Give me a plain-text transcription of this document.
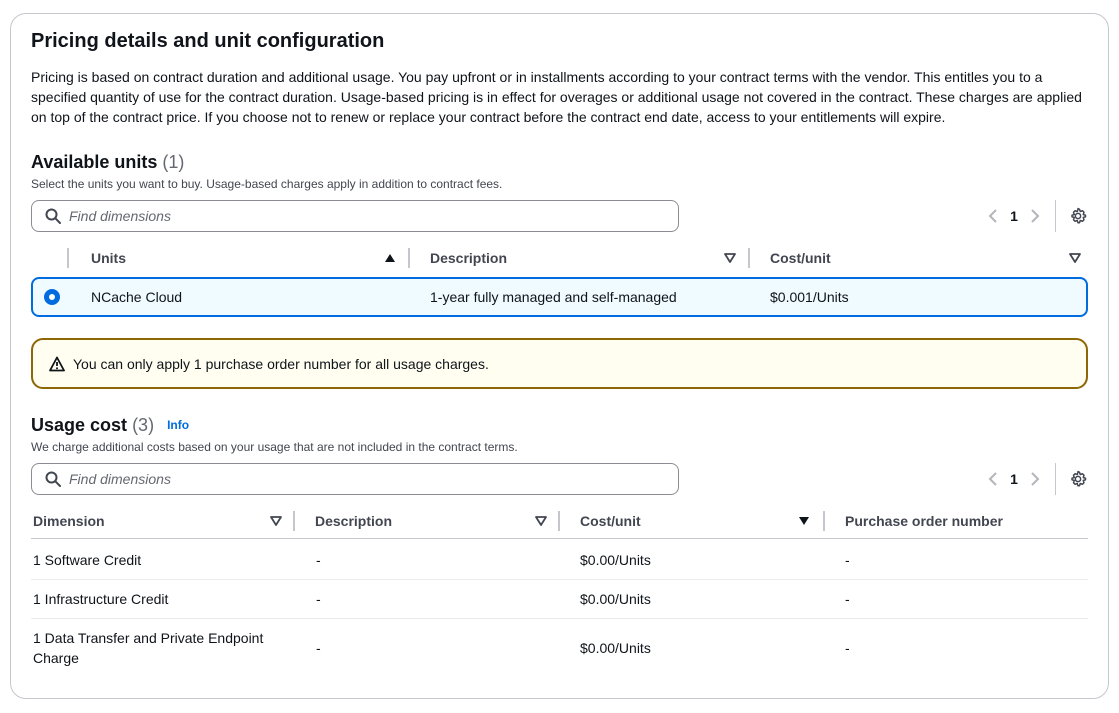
Pricing details and unit configuration

Pricing is based on contract duration and additional usage. You pay upfront or in installments according to your contract terms with the vendor. This entitles you to a specified quantity of use for the contract duration. Usage-based pricing is in effect for overages or additional usage not covered in the contract. These charges are applied on top of the contract price. If you choose not to renew or replace your contract before the contract end date, access to your entitlements will expire.

Available units (1)
Select the units you want to buy. Usage-based charges apply in addition to contract fees.
Find dimensions
1
Units	Description	Cost/unit
NCache Cloud	1-year fully managed and self-managed	$0.001/Units
You can only apply 1 purchase order number for all usage charges.
Usage cost (3) Info
We charge additional costs based on your usage that are not included in the contract terms.
Find dimensions
1
Dimension	Description	Cost/unit	Purchase order number
1 Software Credit	-	$0.00/Units	-
1 Infrastructure Credit	-	$0.00/Units	-
1 Data Transfer and Private Endpoint
Charge
-	$0.00/Units	-
